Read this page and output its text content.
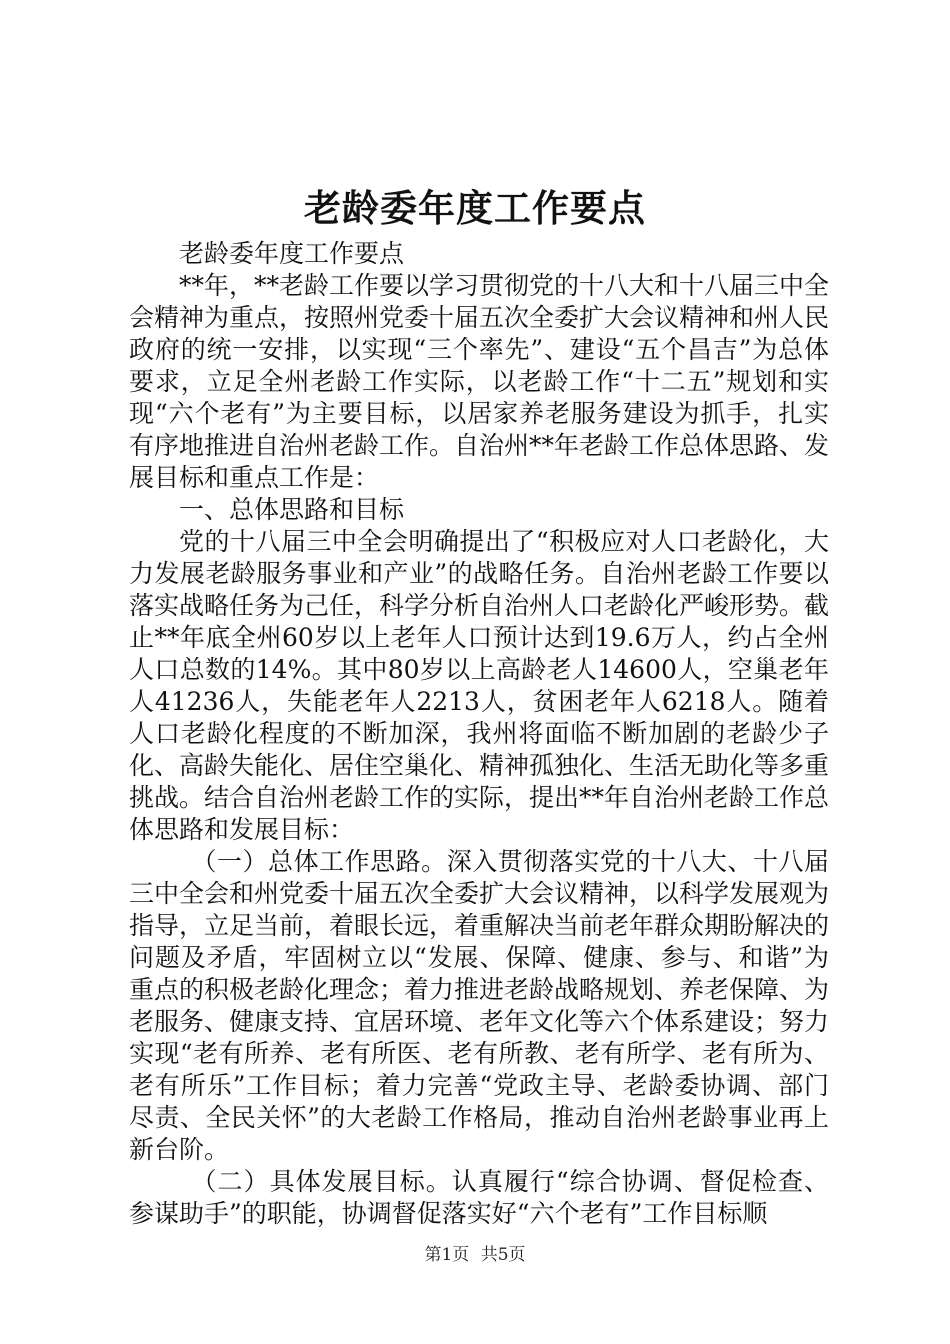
老龄委年度工作要点

老龄委年度工作要点

**年，**老龄工作要以学习贯彻党的十八大和十八届三中全会精神为重点，按照州党委十届五次全委扩大会议精神和州人民政府的统一安排，以实现“三个率先”、建设“五个昌吉”为总体要求，立足全州老龄工作实际，以老龄工作“十二五”规划和实现“六个老有”为主要目标，以居家养老服务建设为抓手，扎实有序地推进自治州老龄工作。自治州**年老龄工作总体思路、发展目标和重点工作是：

一、总体思路和目标

党的十八届三中全会明确提出了“积极应对人口老龄化，大力发展老龄服务事业和产业”的战略任务。自治州老龄工作要以落实战略任务为己任，科学分析自治州人口老龄化严峻形势。截止**年底全州60岁以上老年人口预计达到19.6万人，约占全州人口总数的14%。其中80岁以上高龄老人14600人，空巢老年人41236人，失能老年人2213人，贫困老年人6218人。随着人口老龄化程度的不断加深，我州将面临不断加剧的老龄少子化、高龄失能化、居住空巢化、精神孤独化、生活无助化等多重挑战。结合自治州老龄工作的实际，提出**年自治州老龄工作总体思路和发展目标：

（一）总体工作思路。深入贯彻落实党的十八大、十八届三中全会和州党委十届五次全委扩大会议精神，以科学发展观为指导，立足当前，着眼长远，着重解决当前老年群众期盼解决的问题及矛盾，牢固树立以“发展、保障、健康、参与、和谐”为重点的积极老龄化理念；着力推进老龄战略规划、养老保障、为老服务、健康支持、宜居环境、老年文化等六个体系建设；努力实现“老有所养、老有所医、老有所教、老有所学、老有所为、老有所乐”工作目标；着力完善“党政主导、老龄委协调、部门尽责、全民关怀”的大老龄工作格局，推动自治州老龄事业再上新台阶。

（二）具体发展目标。认真履行“综合协调、督促检查、参谋助手”的职能，协调督促落实好“六个老有”工作目标顺

第1页 共5页
